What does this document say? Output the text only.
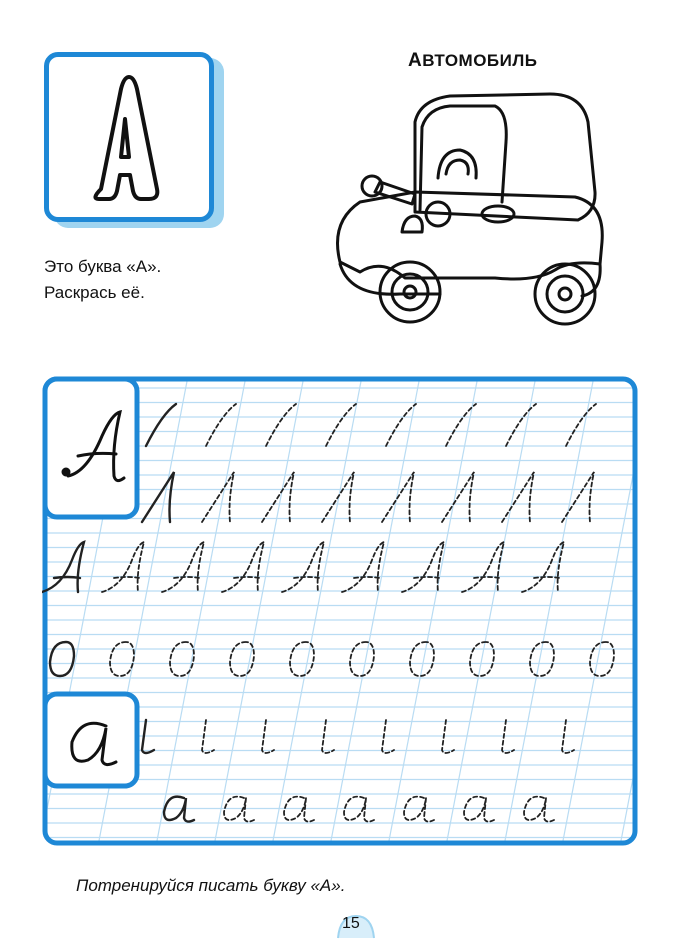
Это буква «А».
Раскрась её.
АВТОМОБИЛЬ
Потренируйся писать букву «А».
15
